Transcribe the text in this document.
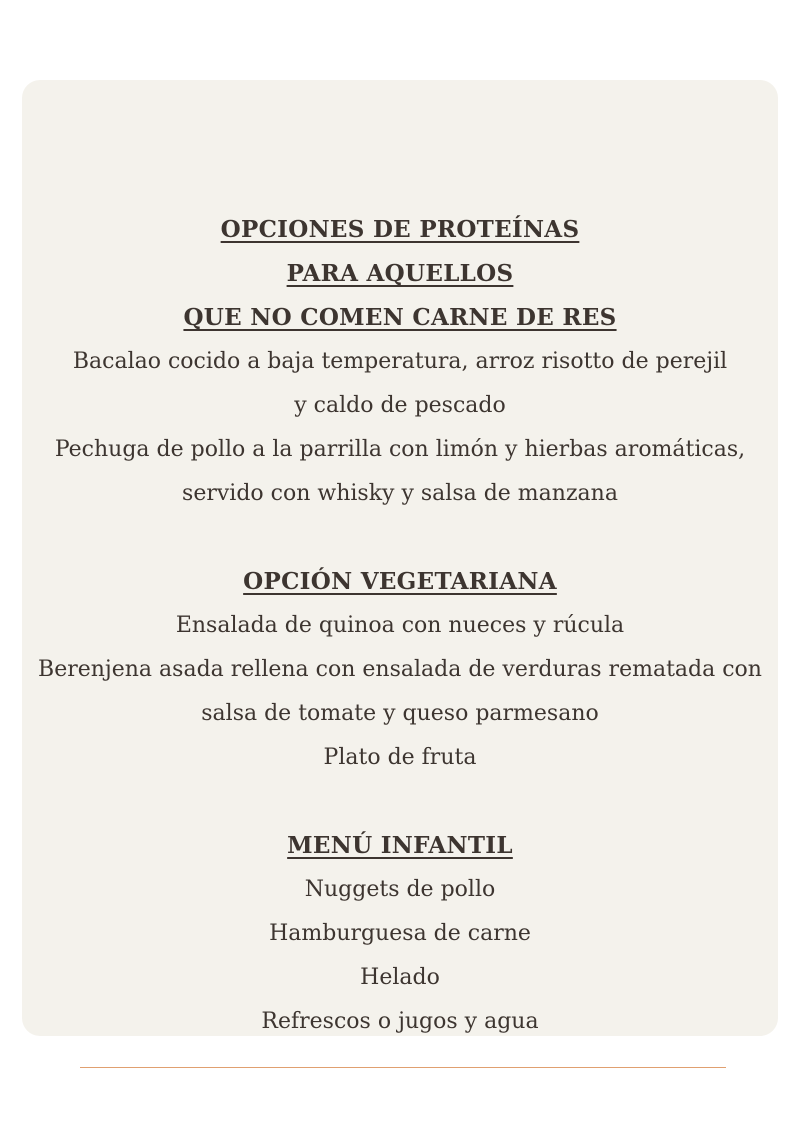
OPCIONES DE PROTEÍNAS
PARA AQUELLOS
QUE NO COMEN CARNE DE RES

Bacalao cocido a baja temperatura, arroz risotto de perejil y caldo de pescado

Pechuga de pollo a la parrilla con limón y hierbas aromáticas, servido con whisky y salsa de manzana

OPCIÓN VEGETARIANA

Ensalada de quinoa con nueces y rúcula

Berenjena asada rellena con ensalada de verduras rematada con salsa de tomate y queso parmesano

Plato de fruta

MENÚ INFANTIL

Nuggets de pollo

Hamburguesa de carne

Helado

Refrescos o jugos y agua
